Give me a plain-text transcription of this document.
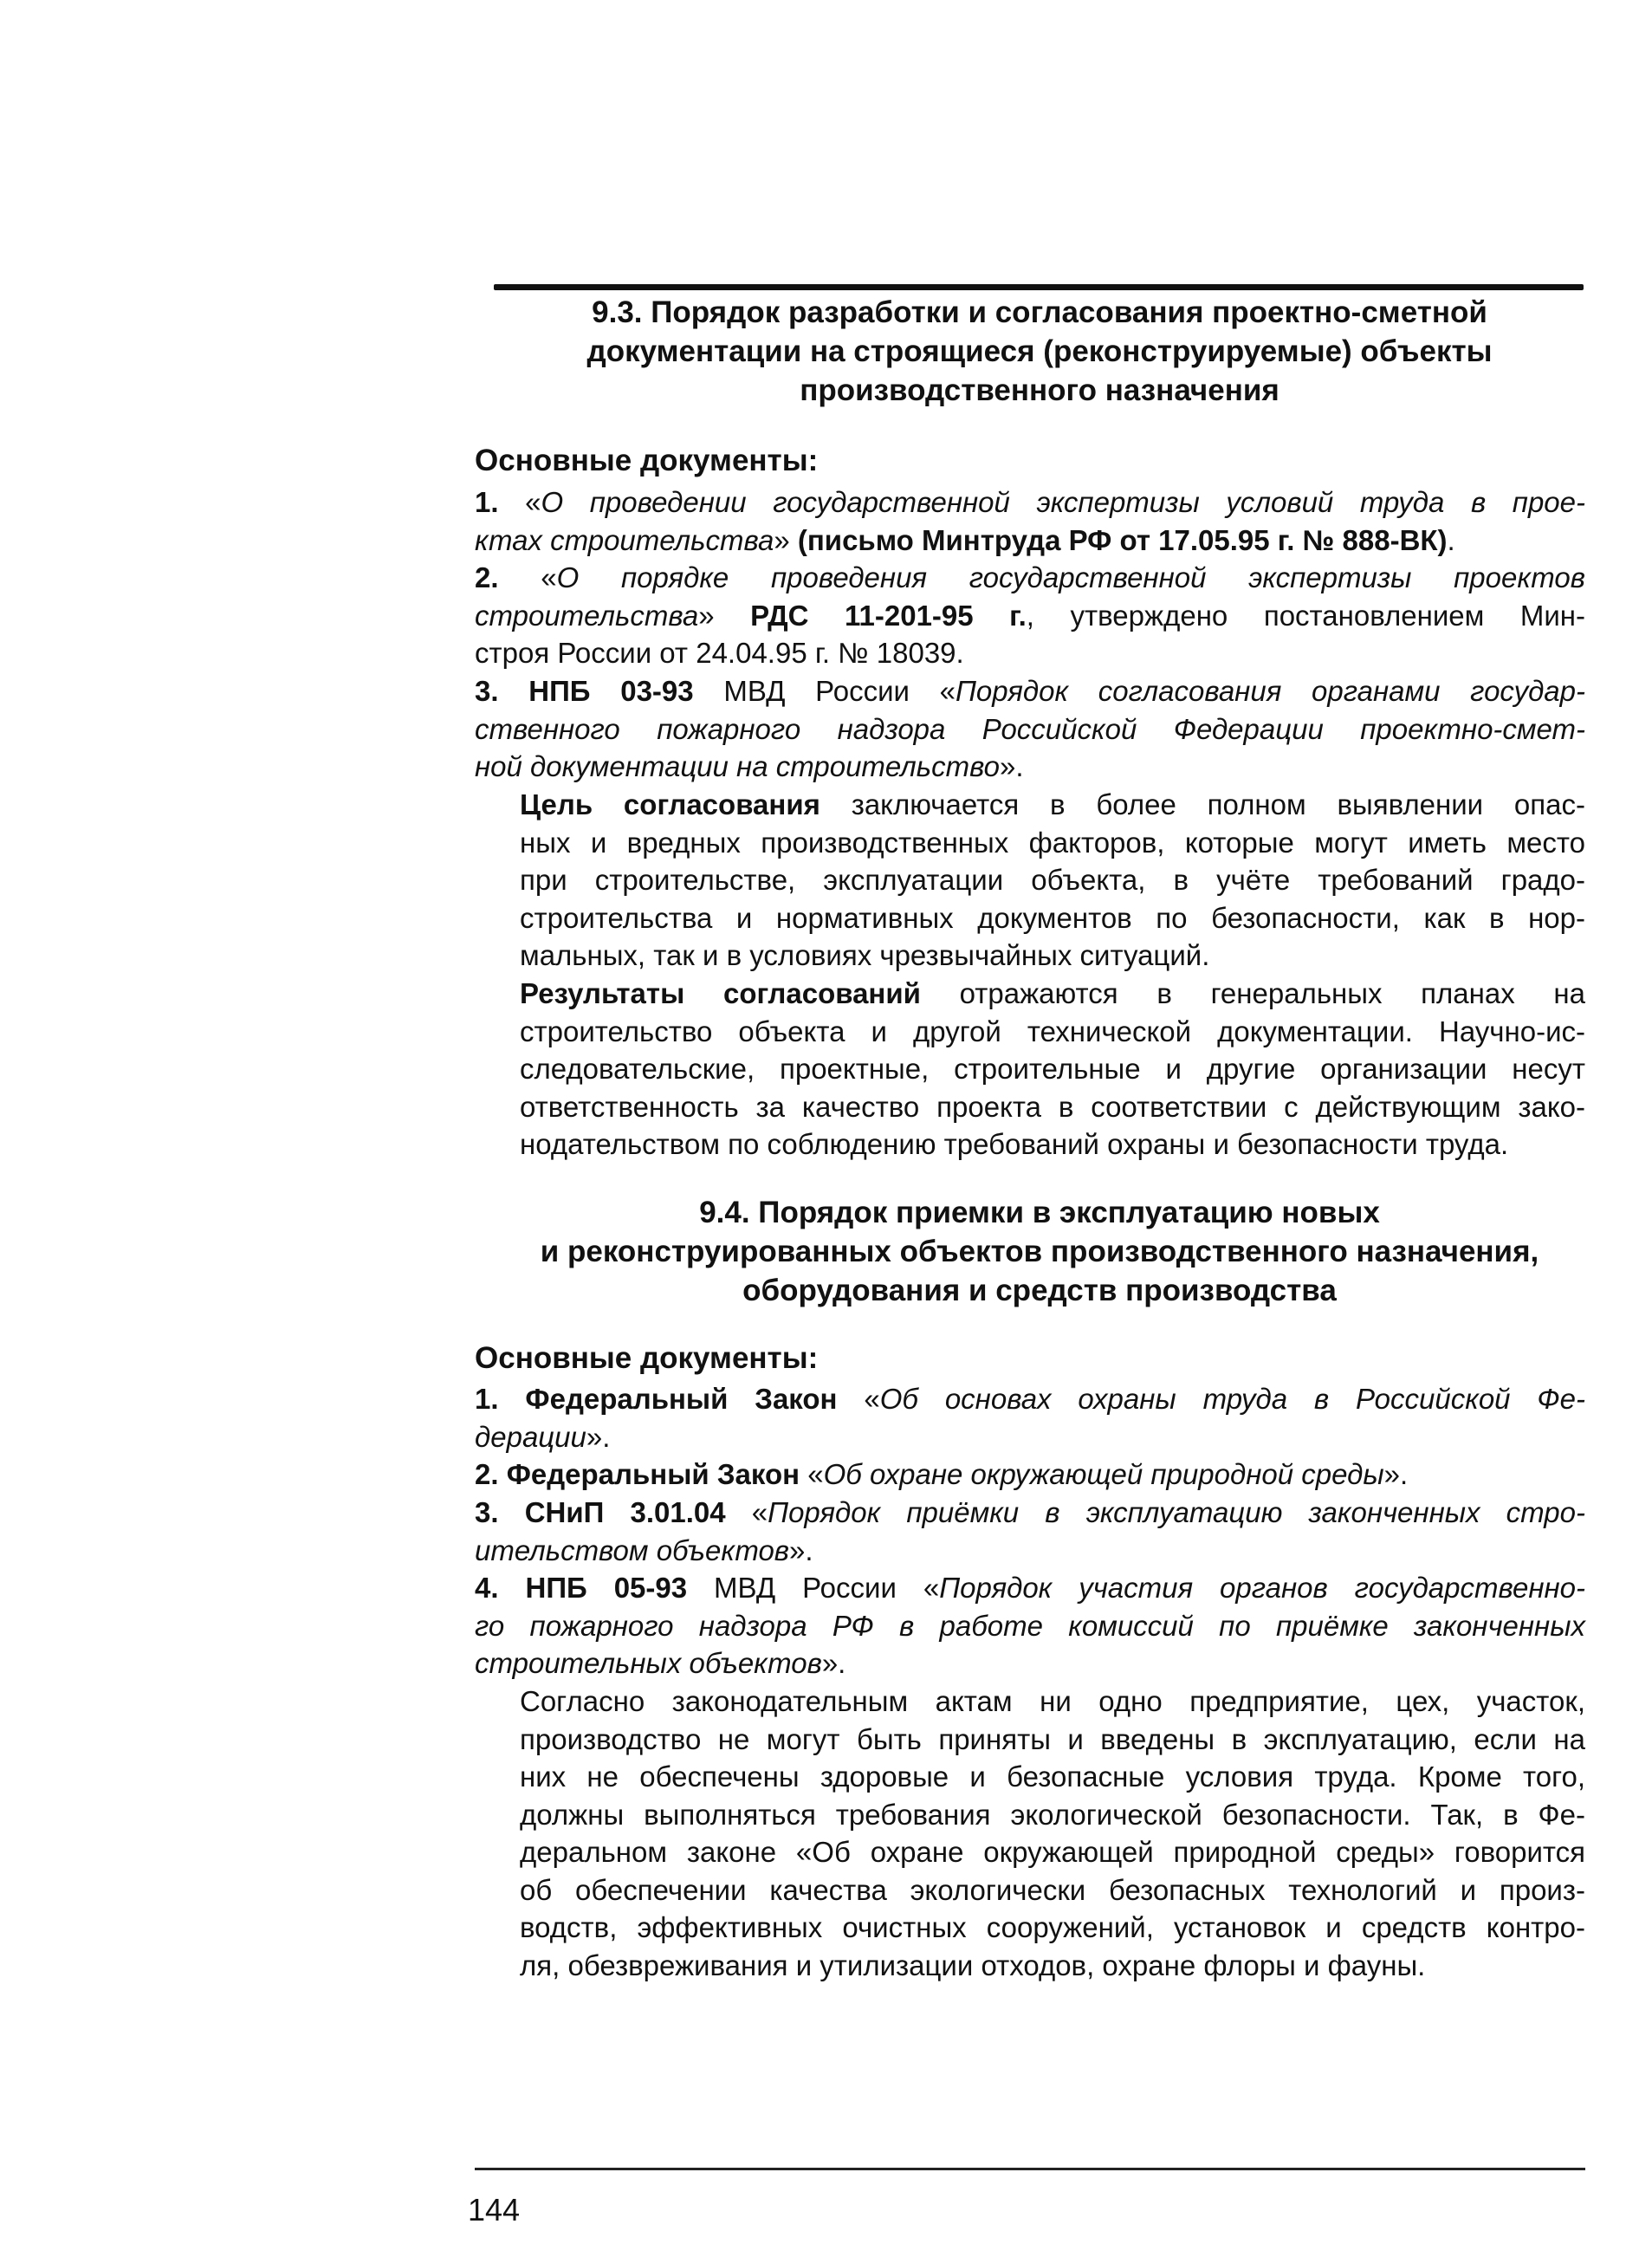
9.3. Порядок разработки и согласования проектно-сметной
документации на строящиеся (реконструируемые) объекты
производственного назначения
Основные документы:
1. «О проведении государственной экспертизы условий труда в прое-
ктах строительства» (письмо Минтруда РФ от 17.05.95 г. № 888-ВК).
2. «О порядке проведения государственной экспертизы проектов
строительства» РДС 11-201-95 г., утверждено постановлением Мин-
строя России от 24.04.95 г. № 18039.
3. НПБ 03-93 МВД России «Порядок согласования органами государ-
ственного пожарного надзора Российской Федерации проектно-смет-
ной документации на строительство».
Цель согласования заключается в более полном выявлении опас-
ных и вредных производственных факторов, которые могут иметь место
при строительстве, эксплуатации объекта, в учёте требований градо-
строительства и нормативных документов по безопасности, как в нор-
мальных, так и в условиях чрезвычайных ситуаций.
Результаты согласований отражаются в генеральных планах на
строительство объекта и другой технической документации. Научно-ис-
следовательские, проектные, строительные и другие организации несут
ответственность за качество проекта в соответствии с действующим зако-
нодательством по соблюдению требований охраны и безопасности труда.
9.4. Порядок приемки в эксплуатацию новых
и реконструированных объектов производственного назначения,
оборудования и средств производства
Основные документы:
1. Федеральный Закон «Об основах охраны труда в Российской Фе-
дерации».
2. Федеральный Закон «Об охране окружающей природной среды».
3. СНиП 3.01.04 «Порядок приёмки в эксплуатацию законченных стро-
ительством объектов».
4. НПБ 05-93 МВД России «Порядок участия органов государственно-
го пожарного надзора РФ в работе комиссий по приёмке законченных
строительных объектов».
Согласно законодательным актам ни одно предприятие, цех, участок,
производство не могут быть приняты и введены в эксплуатацию, если на
них не обеспечены здоровые и безопасные условия труда. Кроме того,
должны выполняться требования экологической безопасности. Так, в Фе-
деральном законе «Об охране окружающей природной среды» говорится
об обеспечении качества экологически безопасных технологий и произ-
водств, эффективных очистных сооружений, установок и средств контро-
ля, обезвреживания и утилизации отходов, охране флоры и фауны.
144
